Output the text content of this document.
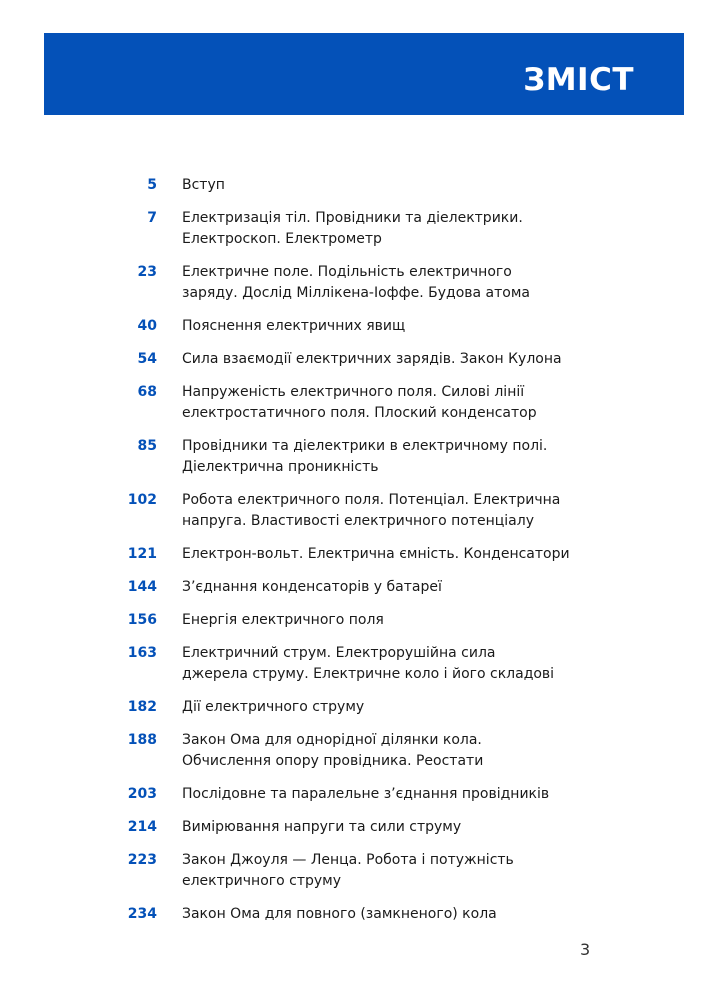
ЗМІСТ
5 Вступ
7 Електризація тіл. Провідники та діелектрики.
Електроскоп. Електрометр
23 Електричне поле. Подільність електричного
заряду. Дослід Міллікена-Іоффе. Будова атома
40 Пояснення електричних явищ
54 Сила взаємодії електричних зарядів. Закон Кулона
68 Напруженість електричного поля. Силові лінії
електростатичного поля. Плоский конденсатор
85 Провідники та діелектрики в електричному полі.
Діелектрична проникність
102 Робота електричного поля. Потенціал. Електрична
напруга. Властивості електричного потенціалу
121 Електрон-вольт. Електрична ємність. Конденсатори
144 З’єднання конденсаторів у батареї
156 Енергія електричного поля
163 Електричний струм. Електрорушійна сила
джерела струму. Електричне коло і його складові
182 Дії електричного струму
188 Закон Ома для однорідної ділянки кола.
Обчислення опору провідника. Реостати
203 Послідовне та паралельне з’єднання провідників
214 Вимірювання напруги та сили струму
223 Закон Джоуля — Ленца. Робота і потужність
електричного струму
234 Закон Ома для повного (замкненого) кола
3
